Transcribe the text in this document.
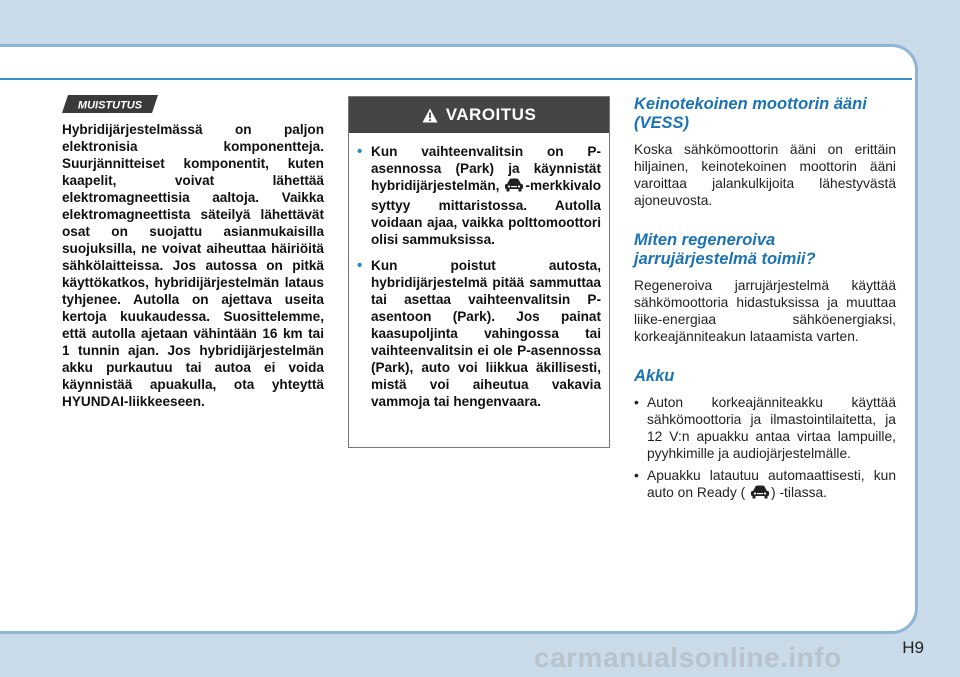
MUISTUTUS

Hybridijärjestelmässä on paljon elektronisia komponentteja. Suurjännitteiset komponentit, kuten kaapelit, voivat lähettää elektromagneettisia aaltoja. Vaikka elektromagneettista säteilyä lähettävät osat on suojattu asianmukaisilla suojuksilla, ne voivat aiheuttaa häiriöitä sähkölaitteissa. Jos autossa on pitkä käyttökatkos, hybridijärjestelmän lataus tyhjenee. Autolla on ajettava useita kertoja kuukaudessa. Suosittelemme, että autolla ajetaan vähintään 16 km tai 1 tunnin ajan. Jos hybridijärjestelmän akku purkautuu tai autoa ei voida käynnistää apuakulla, ota yhteyttä HYUNDAI-liikkeeseen.

VAROITUS
• Kun vaihteenvalitsin on P-asennossa (Park) ja käynnistät hybridijärjestelmän, -merkkivalo syttyy mittaristossa. Autolla voidaan ajaa, vaikka polttomoottori olisi sammuksissa.
• Kun poistut autosta, hybridijärjestelmä pitää sammuttaa tai asettaa vaihteenvalitsin P-asentoon (Park). Jos painat kaasupoljinta vahingossa tai vaihteenvalitsin ei ole P-asennossa (Park), auto voi liikkua äkillisesti, mistä voi aiheutua vakavia vammoja tai hengenvaara.
Keinotekoinen moottorin ääni (VESS)

Koska sähkömoottorin ääni on erittäin hiljainen, keinotekoinen moottorin ääni varoittaa jalankulkijoita lähestyvästä ajoneuvosta.

Miten regeneroiva jarrujärjestelmä toimii?

Regeneroiva jarrujärjestelmä käyttää sähkömoottoria hidastuksissa ja muuttaa liike-energiaa sähköenergiaksi, korkeajänniteakun lataamista varten.

Akku
• Auton korkeajänniteakku käyttää sähkömoottoria ja ilmastointilaitetta, ja 12 V:n apuakku antaa virtaa lampuille, pyyhkimille ja audiojärjestelmälle.
• Apuakku latautuu automaattisesti, kun auto on Ready ( ) -tilassa.
H9
carmanualsonline.info
